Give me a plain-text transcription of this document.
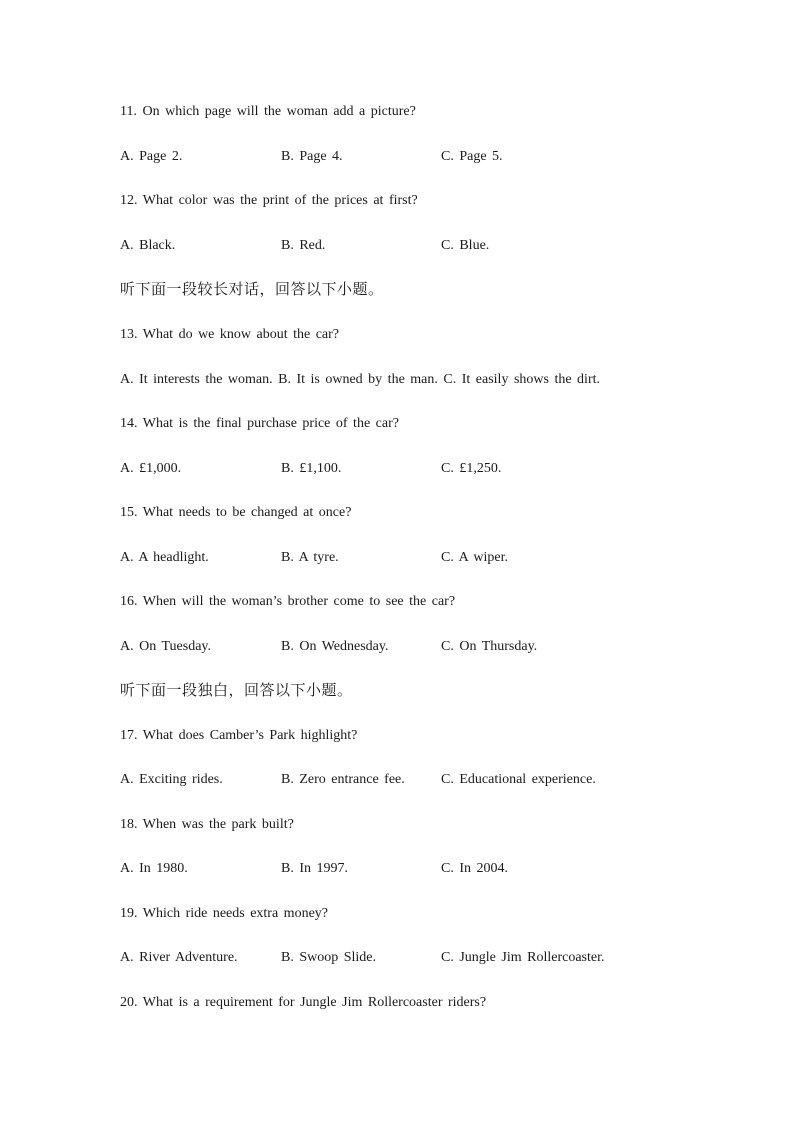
11. On which page will the woman add a picture?
A. Page 2.	B. Page 4.	C. Page 5.
12. What color was the print of the prices at first?
A. Black.	B. Red.	C. Blue.
听下面一段较长对话，回答以下小题。
13. What do we know about the car?
A. It interests the woman. B. It is owned by the man. C. It easily shows the dirt.
14. What is the final purchase price of the car?
A. £1,000.	B. £1,100.	C. £1,250.
15. What needs to be changed at once?
A. A headlight.	B. A tyre.	C. A wiper.
16. When will the woman’s brother come to see the car?
A. On Tuesday.	B. On Wednesday.	C. On Thursday.
听下面一段独白，回答以下小题。
17. What does Camber’s Park highlight?
A. Exciting rides.	B. Zero entrance fee.	C. Educational experience.
18. When was the park built?
A. In 1980.	B. In 1997.	C. In 2004.
19. Which ride needs extra money?
A. River Adventure.	B. Swoop Slide.	C. Jungle Jim Rollercoaster.
20. What is a requirement for Jungle Jim Rollercoaster riders?
